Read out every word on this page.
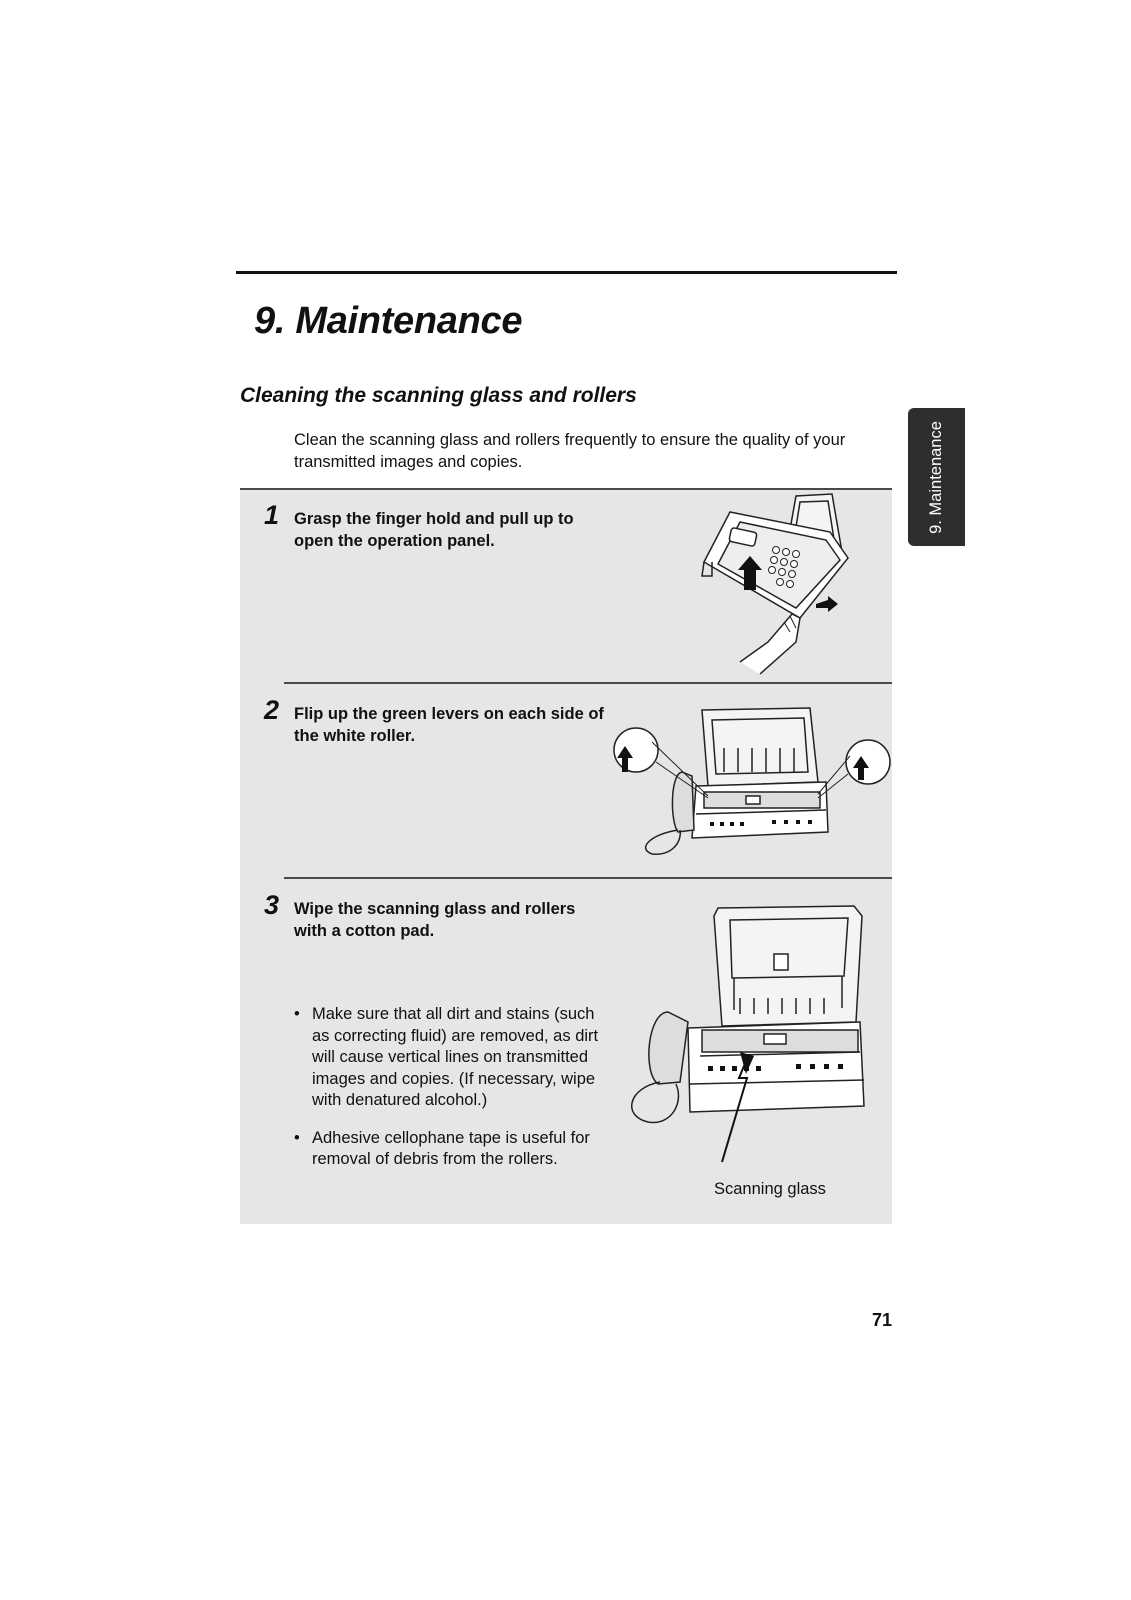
9. Maintenance
Cleaning the scanning glass and rollers

Clean the scanning glass and rollers frequently to ensure the quality of your transmitted images and copies.	9. Maintenance
1 Grasp the finger hold and pull up to open the operation panel.

2 Flip up the green levers on each side of the white roller.

3 Wipe the scanning glass and rollers with a cotton pad.

• Make sure that all dirt and stains (such as correcting fluid) are removed, as dirt will cause vertical lines on transmitted images and copies. (If necessary, wipe with denatured alcohol.)
• Adhesive cellophane tape is useful for removal of debris from the rollers.
Scanning glass
71
